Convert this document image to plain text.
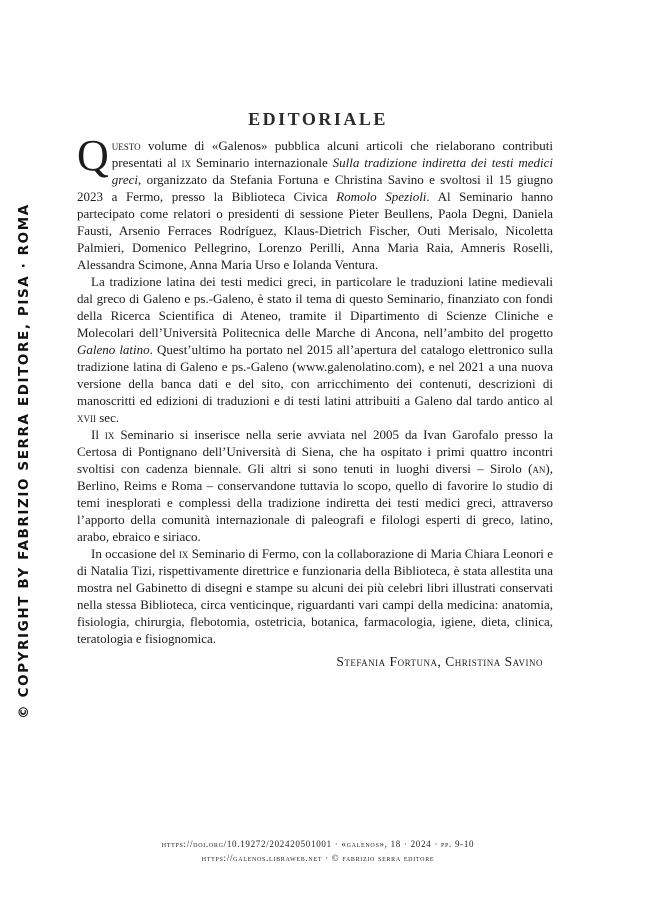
© COPYRIGHT BY FABRIZIO SERRA EDITORE, PISA · ROMA
EDITORIALE

Questo volume di «Galenos» pubblica alcuni articoli che rielaborano contributi presentati al ix Seminario internazionale Sulla tradizione indiretta dei testi medici greci, organizzato da Stefania Fortuna e Christina Savino e svoltosi il 15 giugno 2023 a Fermo, presso la Biblioteca Civica Romolo Spezioli. Al Seminario hanno partecipato come relatori o presidenti di sessione Pieter Beullens, Paola Degni, Daniela Fausti, Arsenio Ferraces Rodríguez, Klaus-Dietrich Fischer, Outi Merisalo, Nicoletta Palmieri, Domenico Pellegrino, Lorenzo Perilli, Anna Maria Raia, Amneris Roselli, Alessandra Scimone, Anna Maria Urso e Iolanda Ventura.

La tradizione latina dei testi medici greci, in particolare le traduzioni latine medievali dal greco di Galeno e ps.-Galeno, è stato il tema di questo Seminario, finanziato con fondi della Ricerca Scientifica di Ateneo, tramite il Dipartimento di Scienze Cliniche e Molecolari dell’Università Politecnica delle Marche di Ancona, nell’ambito del progetto Galeno latino. Quest’ultimo ha portato nel 2015 all’apertura del catalogo elettronico sulla tradizione latina di Galeno e ps.-Galeno (www.galenolatino.com), e nel 2021 a una nuova versione della banca dati e del sito, con arricchimento dei contenuti, descrizioni di manoscritti ed edizioni di traduzioni e di testi latini attribuiti a Galeno dal tardo antico al xvii sec.

Il ix Seminario si inserisce nella serie avviata nel 2005 da Ivan Garofalo presso la Certosa di Pontignano dell’Università di Siena, che ha ospitato i primi quattro incontri svoltisi con cadenza biennale. Gli altri si sono tenuti in luoghi diversi – Sirolo (an), Berlino, Reims e Roma – conservandone tuttavia lo scopo, quello di favorire lo studio di temi inesplorati e complessi della tradizione indiretta dei testi medici greci, attraverso l’apporto della comunità internazionale di paleografi e filologi esperti di greco, latino, arabo, ebraico e siriaco.

In occasione del ix Seminario di Fermo, con la collaborazione di Maria Chiara Leonori e di Natalia Tizi, rispettivamente direttrice e funzionaria della Biblioteca, è stata allestita una mostra nel Gabinetto di disegni e stampe su alcuni dei più celebri libri illustrati conservati nella stessa Biblioteca, circa venticinque, riguardanti vari campi della medicina: anatomia, fisiologia, chirurgia, flebotomia, ostetricia, botanica, farmacologia, igiene, dieta, clinica, teratologia e fisiognomica.

Stefania Fortuna, Christina Savino
https://doi.org/10.19272/202420501001 · «galenos», 18 · 2024 · pp. 9-10
https://galenos.libraweb.net · © fabrizio serra editore
